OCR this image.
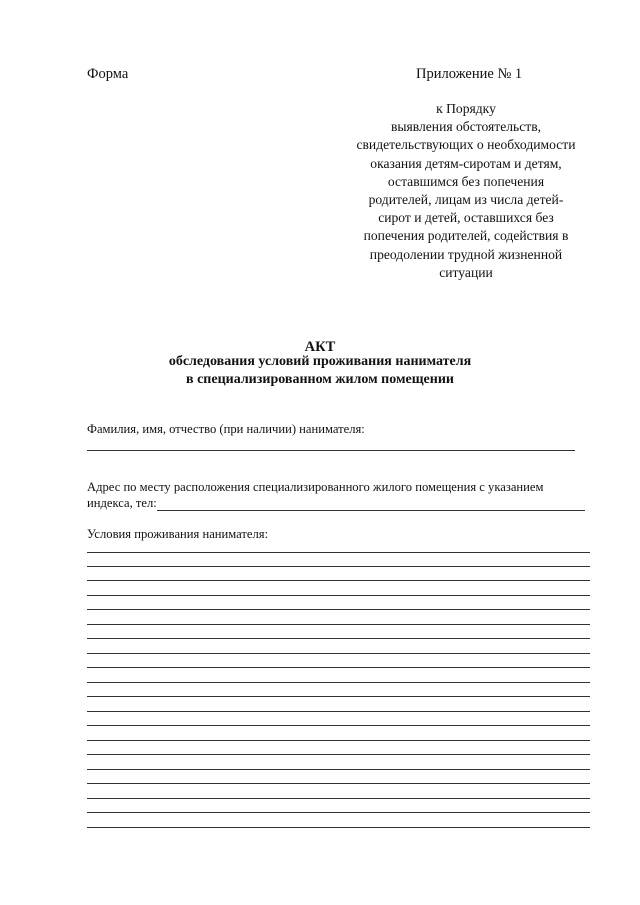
Форма	Приложение № 1
к Порядку
выявления обстоятельств,
свидетельствующих о необходимости
оказания детям-сиротам и детям,
оставшимся без попечения
родителей, лицам из числа детей-
сирот и детей, оставшихся без
попечения родителей, содействия в
преодолении трудной жизненной
ситуации
АКТ
обследования условий проживания нанимателя
в специализированном жилом помещении
Фамилия, имя, отчество (при наличии) нанимателя:
Адрес по месту расположения специализированного жилого помещения с указанием
индекса, тел:
Условия проживания нанимателя:
